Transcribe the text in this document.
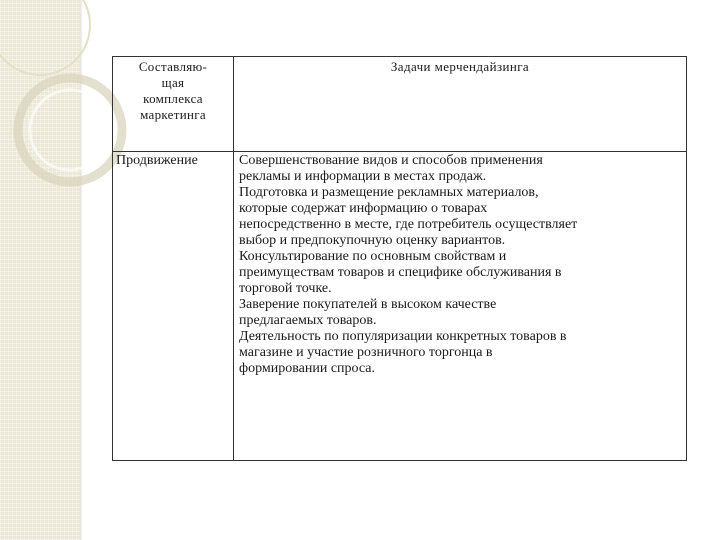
Составляю-
щая
комплекса
маркетинга
Задачи мерчендайзинга
Продвижение	Совершенствование видов и способов применения
рекламы и информации в местах продаж.
Подготовка и размещение рекламных материалов,
которые содержат информацию о товарах
непосредственно в месте, где потребитель осуществляет
выбор и предпокупочную оценку вариантов.
Консультирование по основным свойствам и
преимуществам товаров и специфике обслуживания в
торговой точке.
Заверение покупателей в высоком качестве
предлагаемых товаров.
Деятельность по популяризации конкретных товаров в
магазине и участие розничного торгонца в
формировании спроса.
